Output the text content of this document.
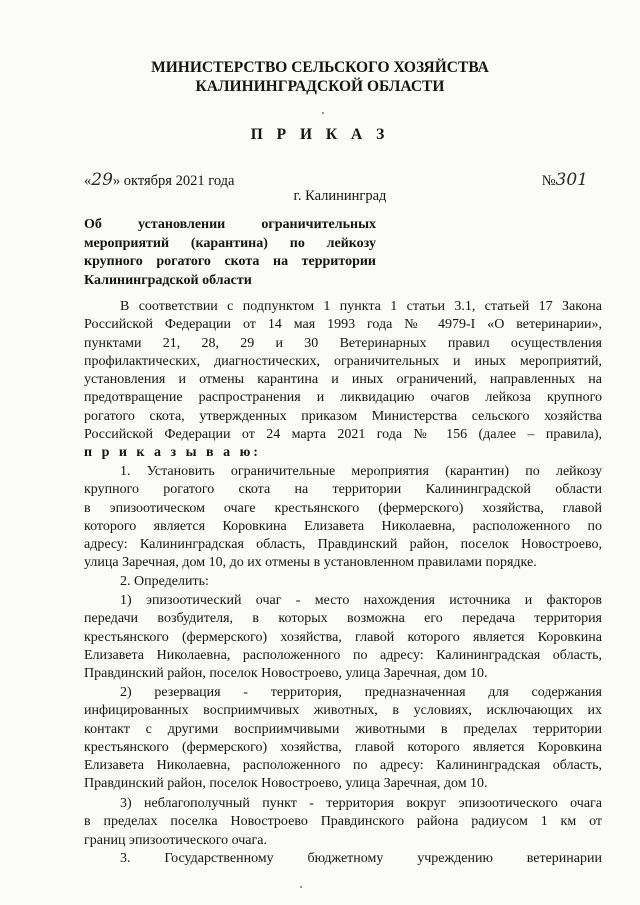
МИНИСТЕРСТВО СЕЛЬСКОГО ХОЗЯЙСТВА
КАЛИНИНГРАДСКОЙ ОБЛАСТИ
П Р И К А З
«29» октября 2021 года	№301
г. Калининград
Об установлении ограничительных
мероприятий (карантина) по лейкозу
крупного рогатого скота на территории
Калининградской области
В соответствии с подпунктом 1 пункта 1 статьи 3.1, статьей 17 Закона
Российской Федерации от 14 мая 1993 года № 4979-I «О ветеринарии»,
пунктами 21, 28, 29 и 30 Ветеринарных правил осуществления
профилактических, диагностических, ограничительных и иных мероприятий,
установления и отмены карантина и иных ограничений, направленных на
предотвращение распространения и ликвидацию очагов лейкоза крупного
рогатого скота, утвержденных приказом Министерства сельского хозяйства
Российской Федерации от 24 марта 2021 года № 156 (далее – правила),
п р и к а з ы в а ю:
1. Установить ограничительные мероприятия (карантин) по лейкозу
крупного рогатого скота на территории Калининградской области
в эпизоотическом очаге крестьянского (фермерского) хозяйства, главой
которого является Коровкина Елизавета Николаевна, расположенного по
адресу: Калининградская область, Правдинский район, поселок Новостроево,
улица Заречная, дом 10, до их отмены в установленном правилами порядке.
2. Определить:
1) эпизоотический очаг - место нахождения источника и факторов
передачи возбудителя, в которых возможна его передача территория
крестьянского (фермерского) хозяйства, главой которого является Коровкина
Елизавета Николаевна, расположенного по адресу: Калининградская область,
Правдинский район, поселок Новостроево, улица Заречная, дом 10.
2) резервация - территория, предназначенная для содержания
инфицированных восприимчивых животных, в условиях, исключающих их
контакт с другими восприимчивыми животными в пределах территории
крестьянского (фермерского) хозяйства, главой которого является Коровкина
Елизавета Николаевна, расположенного по адресу: Калининградская область,
Правдинский район, поселок Новостроево, улица Заречная, дом 10.
3) неблагополучный пункт - территория вокруг эпизоотического очага
в пределах поселка Новостроево Правдинского района радиусом 1 км от
границ эпизоотического очага.
3. Государственному бюджетному учреждению ветеринарии
